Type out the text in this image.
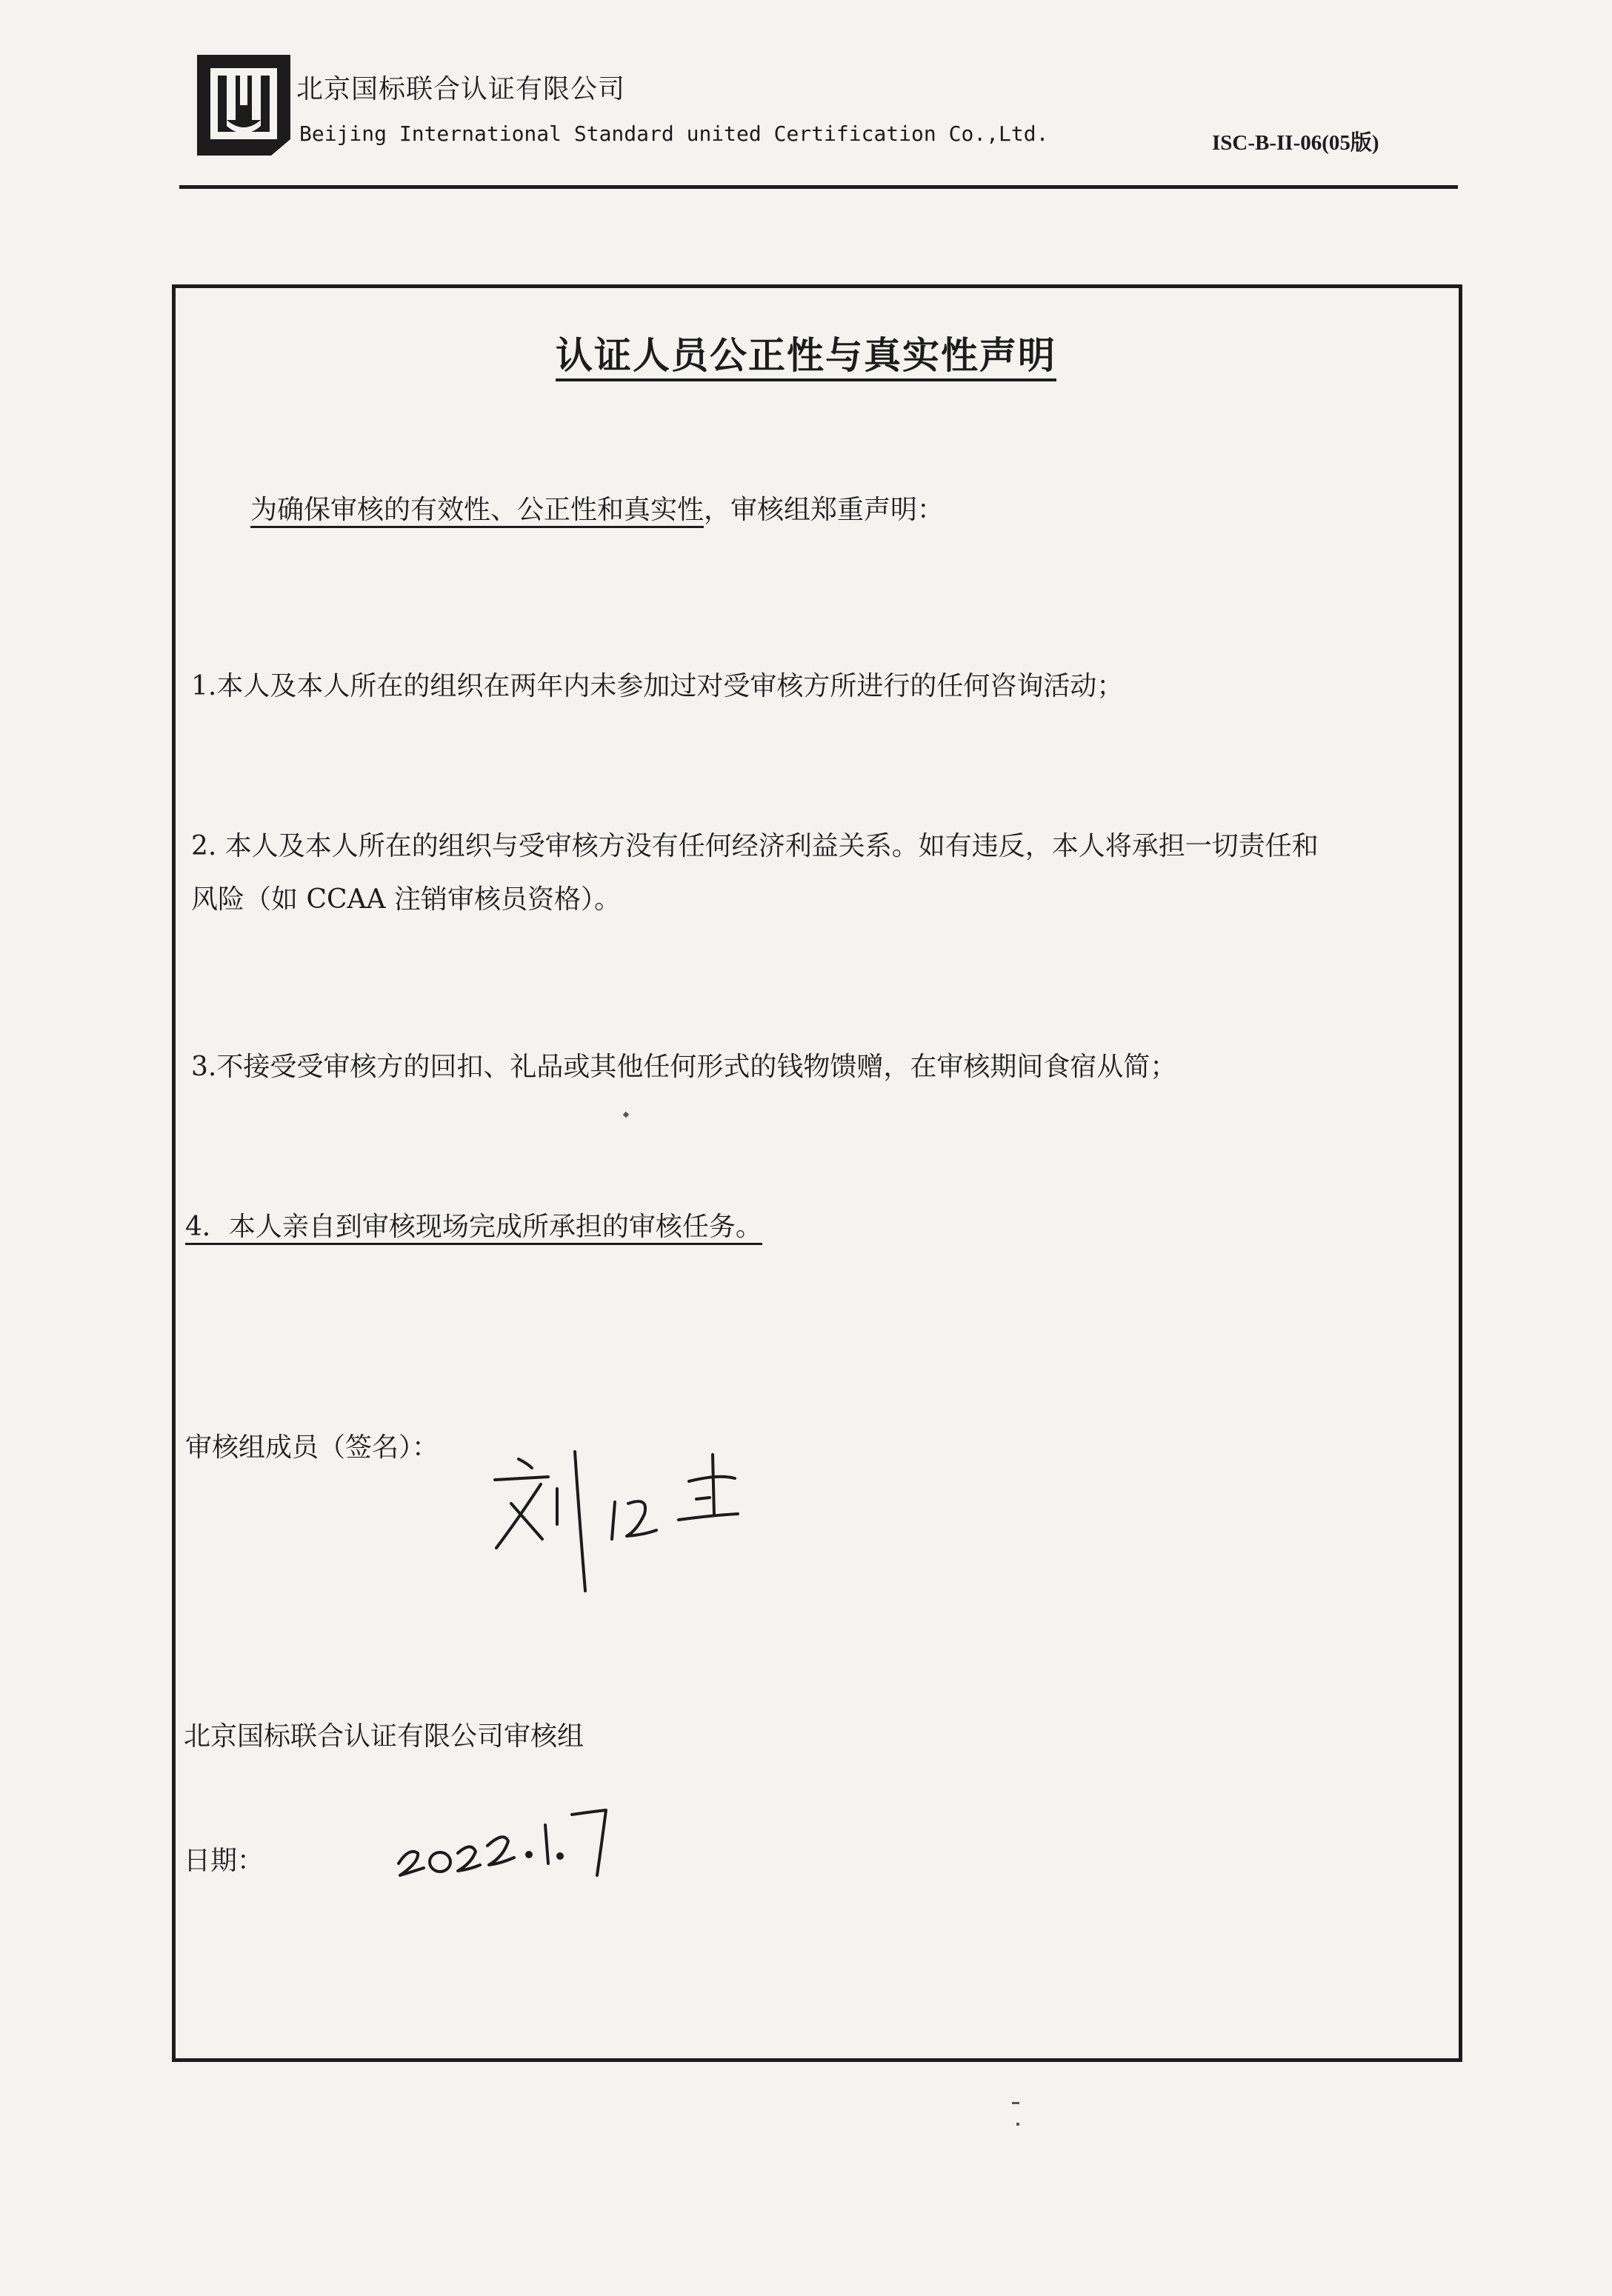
北京国标联合认证有限公司
Beijing International Standard united Certification Co.,Ltd.	ISC-B-II-06(05版)
认证人员公正性与真实性声明
为确保审核的有效性、公正性和真实性，审核组郑重声明：
1.本人及本人所在的组织在两年内未参加过对受审核方所进行的任何咨询活动；
2. 本人及本人所在的组织与受审核方没有任何经济利益关系。如有违反，本人将承担一切责任和
风险（如 CCAA 注销审核员资格）。
3.不接受受审核方的回扣、礼品或其他任何形式的钱物馈赠，在审核期间食宿从简；
4．本人亲自到审核现场完成所承担的审核任务。
审核组成员（签名）：
北京国标联合认证有限公司审核组
日期：
